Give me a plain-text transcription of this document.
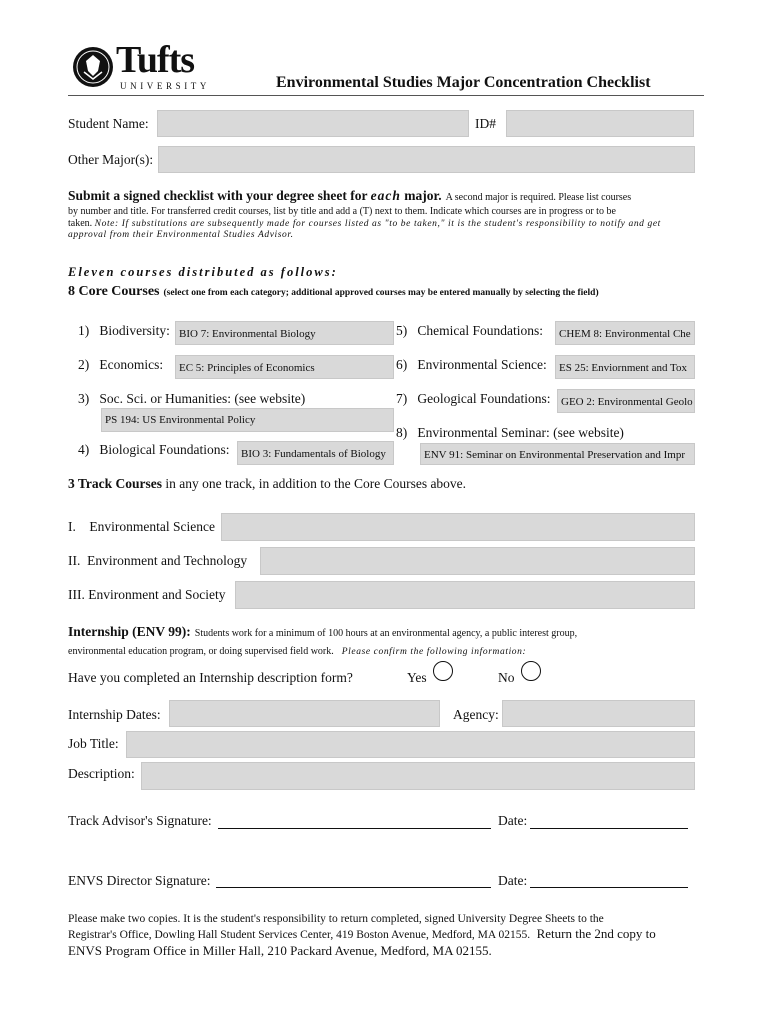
Tufts
UNIVERSITY	Environmental Studies Major Concentration Checklist
Student Name:	ID#
Other Major(s):
Submit a signed checklist with your degree sheet for each major. A second major is required. Please list courses
by number and title. For transferred credit courses, list by title and add a (T) next to them. Indicate which courses are in progress or to be
taken. Note: If substitutions are subsequently made for courses listed as "to be taken," it is the student's responsibility to notify and get
approval from their Environmental Studies Advisor.
Eleven courses distributed as follows:
8 Core Courses (select one from each category; additional approved courses may be entered manually by selecting the field)
1)   Biodiversity: BIO 7: Environmental Biology
2)   Economics:	EC 5: Principles of Economics
3)   Soc. Sci. or Humanities: (see website)
PS 194: US Environmental Policy
4)   Biological Foundations:	BIO 3: Fundamentals of Biology
5)   Chemical Foundations:	CHEM 8: Environmental Che
6)   Environmental Science:	ES 25: Enviornment and Tox
7)   Geological Foundations: GEO 2: Environmental Geolo
8)   Environmental Seminar: (see website)
ENV 91: Seminar on Environmental Preservation and Impr
3 Track Courses in any one track, in addition to the Core Courses above.
I.    Environmental Science
II.  Environment and Technology
III. Environment and Society
Internship (ENV 99): Students work for a minimum of 100 hours at an environmental agency, a public interest group,
environmental education program, or doing supervised field work. Please confirm the following information:
Have you completed an Internship description form?	Yes	No
Internship Dates:	Agency:
Job Title:
Description:
Track Advisor's Signature:	Date:
ENVS Director Signature:	Date:
Please make two copies. It is the student's responsibility to return completed, signed University Degree Sheets to the
Registrar's Office, Dowling Hall Student Services Center, 419 Boston Avenue, Medford, MA 02155.  Return the 2nd copy to
ENVS Program Office in Miller Hall, 210 Packard Avenue, Medford, MA 02155.
